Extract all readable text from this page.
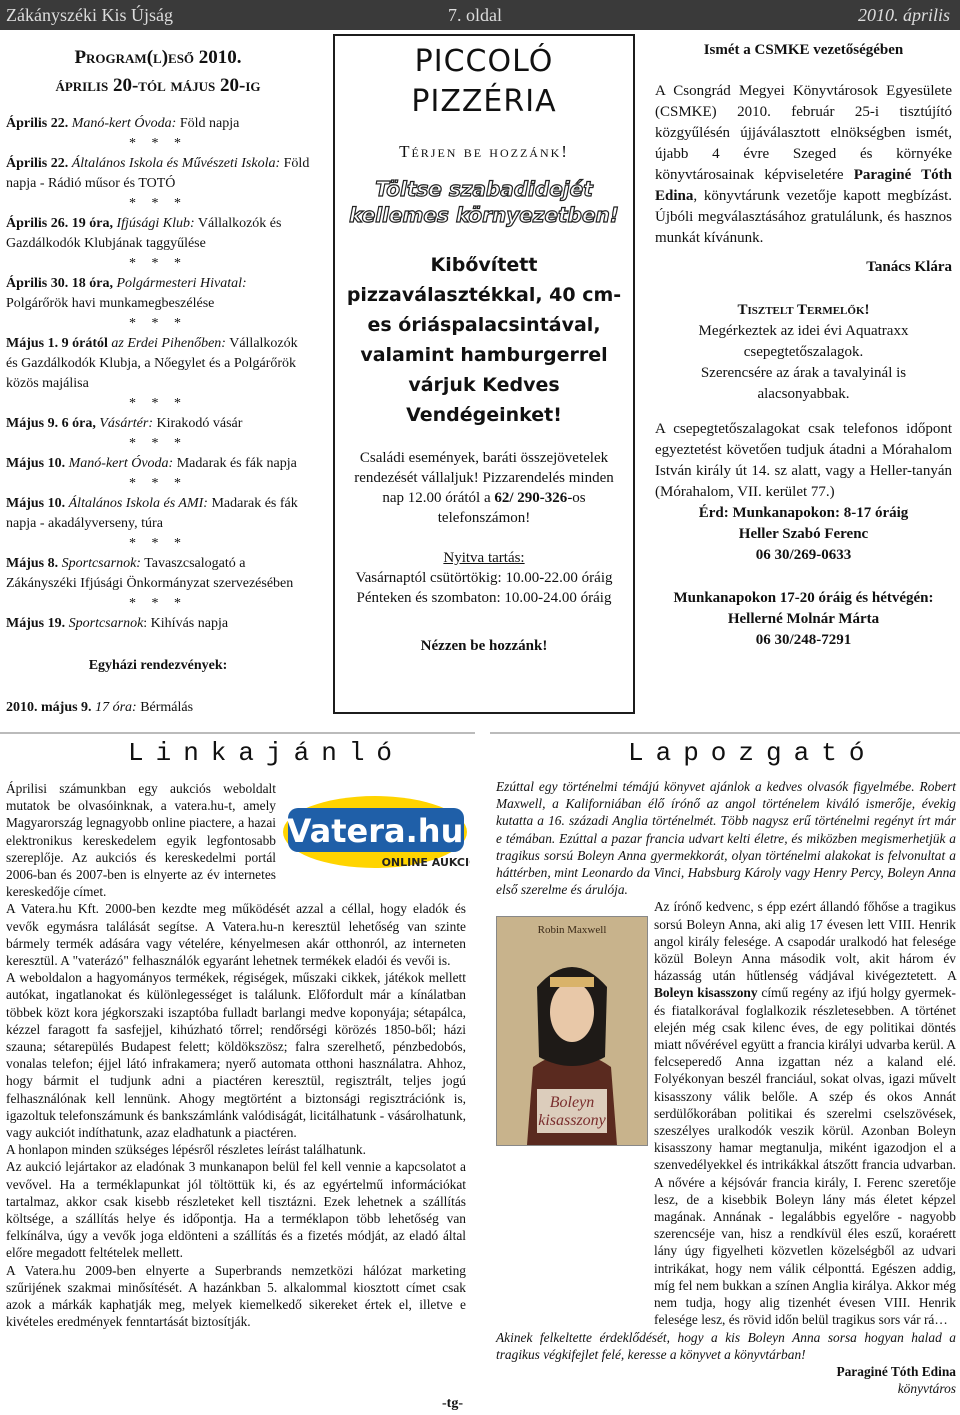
Zákányszéki Kis Újság	7. oldal	2010. április
Program(l)eső 2010.
április 20-tól május 20-ig

Április 22. Manó-kert Óvoda: Föld napja

* * *

Április 22. Általános Iskola és Művészeti Iskola: Föld napja - Rádió műsor és TOTÓ

* * *

Április 26. 19 óra, Ifjúsági Klub: Vállalkozók és Gazdálkodók Klubjának taggyűlése

* * *

Április 30. 18 óra, Polgármesteri Hivatal: Polgárőrök havi munkamegbeszélése

* * *

Május 1. 9 órától az Erdei Pihenőben: Vállalkozók és Gazdálkodók Klubja, a Nőegylet és a Polgárőrök közös majálisa

* * *

Május 9. 6 óra, Vásártér: Kirakodó vásár

* * *

Május 10. Manó-kert Óvoda: Madarak és fák napja

* * *

Május 10. Általános Iskola és AMI: Madarak és fák napja - akadályverseny, túra

* * *

Május 8. Sportcsarnok: Tavaszcsalogató a Zákányszéki Ifjúsági Önkormányzat szervezésében

* * *

Május 19. Sportcsarnok: Kihívás napja

Egyházi rendezvények:

2010. május 9. 17 óra: Bérmálás

PICCOLÓ
PIZZÉRIA
Térjen be hozzánk!
Töltse szabadidejét
kellemes környezetben!
Kibővített pizzaválasztékkal, 40 cm-es óriáspalacsintával, valamint hamburgerrel várjuk Kedves Vendégeinket!
Családi események, baráti összejövetelek rendezését vállaljuk! Pizzarendelés minden nap 12.00 órától a 62/ 290-326-os telefonszámon!
Nyitva tartás:
Vasárnaptól csütörtökig: 10.00-22.00 óráig
Pénteken és szombaton: 10.00-24.00 óráig
Nézzen be hozzánk!
Ismét a CSMKE vezetőségében

A Csongrád Megyei Könyvtárosok Egyesülete (CSMKE) 2010. február 25-i tisztújító közgyűlésén újjáválasztott elnökségben ismét, újabb 4 évre Szeged és környéke könyvtárosainak képviseletére Paraginé Tóth Edina, könyvtárunk vezetője kapott megbízást. Újbóli megválasztásához gratulálunk, és hasznos munkát kívánunk.

Tanács Klára
Tisztelt Termelők!
Megérkeztek az idei évi Aquatraxx csepegtetőszalagok.
Szerencsére az árak a tavalyinál is alacsonyabbak.

A csepegtetőszalagokat csak telefonos időpont egyeztetést követően tudjuk átadni a Mórahalom István király út 14. sz alatt, vagy a Heller-tanyán (Mórahalom, VII. kerület 77.)

Érd: Munkanapokon: 8-17 óráig

Heller Szabó Ferenc

06 30/269-0633

Munkanapokon 17-20 óráig és hétvégén:

Hellerné Molnár Márta

06 30/248-7291

Linkajánló	Lapozgató
Vatera.hu
ONLINE AUKCIÓ

Áprilisi számunkban egy aukciós weboldalt mutatok be olvasóinknak, a vatera.hu-t, amely Magyarország legnagyobb online piactere, a hazai elektronikus kereskedelem egyik legfontosabb szereplője. Az aukciós és kereskedelmi portál 2006-ban és 2007-ben is elnyerte az év internetes kereskedője címet.

A Vatera.hu Kft. 2000-ben kezdte meg működését azzal a céllal, hogy eladók és vevők egymásra találását segítse. A Vatera.hu-n keresztül lehetőség van szinte bármely termék adására vagy vételére, kényelmesen akár otthonról, az interneten keresztül. A "vaterázó" felhasználók egyaránt lehetnek termékek eladói és vevői is.

A weboldalon a hagyományos termékek, régiségek, műszaki cikkek, játékok mellett autókat, ingatlanokat és különlegességet is találunk. Előfordult már a kínálatban többek közt kora jégkorszaki iszaptóba fulladt barlangi medve koponyája; sétapálca, kézzel faragott fa sasfejjel, kihúzható tőrrel; rendőrségi körözés 1850-ből; házi szauna; sétarepülés Budapest felett; köldökszösz; falra szerelhető, pénzbedobós, vonalas telefon; éjjel látó infrakamera; nyerő automata otthoni használatra. Ahhoz, hogy bármit el tudjunk adni a piactéren keresztül, regisztrált, teljes jogú felhasználónak kell lennünk. Ahogy megtörtént a biztonsági regisztrációnk is, igazoltuk telefonszámunk és bankszámlánk valódiságát, licitálhatunk - vásárolhatunk, vagy aukciót indíthatunk, azaz eladhatunk a piactéren.

A honlapon minden szükséges lépésről részletes leírást találhatunk.

Az aukció lejártakor az eladónak 3 munkanapon belül fel kell vennie a kapcsolatot a vevővel. Ha a terméklapunkat jól töltöttük ki, és az egyértelmű információkat tartalmaz, akkor csak kisebb részleteket kell tisztázni. Ezek lehetnek a szállítás költsége, a szállítás helye és időpontja. Ha a terméklapon több lehetőség van felkínálva, úgy a vevők joga eldönteni a szállítás és a fizetés módját, az eladó által előre megadott feltételek mellett.

A Vatera.hu 2009-ben elnyerte a Superbrands nemzetközi hálózat marketing szűrijének szakmai minősítését. A hazánkban 5. alkalommal kiosztott címet csak azok a márkák kaphatják meg, melyek kiemelkedő sikereket értek el, illetve e kivételes eredmények fenntartását biztosítják.

-tg-

Ezúttal egy történelmi témájú könyvet ajánlok a kedves olvasók figyelmébe. Robert Maxwell, a Kaliforniában élő írónő az angol történelem kiváló ismerője, évekig kutatta a 16. századi Anglia történelmét. Több nagysz erű történelmi regényt írt már e témában. Ezúttal a pazar francia udvart kelti életre, és miközben megismerhetjük a tragikus sorsú Boleyn Anna gyermekkorát, olyan történelmi alakokat is felvonultat a háttérben, mint Leonardo da Vinci, Habsburg Károly vagy Henry Percy, Boleyn Anna első szerelme és árulója.

Az írónő kedvenc, s épp ezért állandó főhőse a tragikus sorsú Boleyn Anna, aki alig 17 évesen lett VIII. Henrik angol király felesége. A csapodár uralkodó hat felesége közül Boleyn Anna második volt, akit három év házasság után hűtlenség vádjával kivégeztetett. A Boleyn kisasszony című regény az ifjú holgy gyermek- és fiatalkorával foglalkozik részletesebben. A történet elején még csak kilenc éves, de egy politikai döntés miatt nővérével együtt a francia királyi udvarba kerül. A felcseperedő Anna izgattan néz a kaland elé. Folyékonyan beszél franciául, sokat olvas, igazi művelt kisasszony válik belőle. A szép és okos Annát serdülőkorában politikai és szerelmi cselszövések, szeszélyes uralkodók veszik körül. Azonban Boleyn kisasszony hamar megtanulja, miként igazodjon el a szenvedélyekkel és intrikákkal átszőtt francia udvarban. A nővére a kéjsóvár francia király, I. Ferenc szeretője lesz, de a kisebbik Boleyn lány más életet képzel magának. Annának - legalábbis egyelőre - nagyobb szerencséje van, hisz a rendkívül éles eszű, koraérett lány úgy figyelheti közvetlen közelségből az udvari intrikákat, hogy nem válik célponttá. Egészen addig, míg fel nem bukkan a színen Anglia királya. Akkor még nem tudja, hogy alig tizenhét évesen VIII. Henrik felesége lesz, és rövid időn belül tragikus sors vár rá…

Akinek felkeltette érdeklődését, hogy a kis Boleyn Anna sorsa hogyan halad a tragikus végkifejlet felé, keresse a könyvet a könyvtárban!

Paraginé Tóth Edina

könyvtáros

Robin Maxwell
Boleyn
kisasszony
